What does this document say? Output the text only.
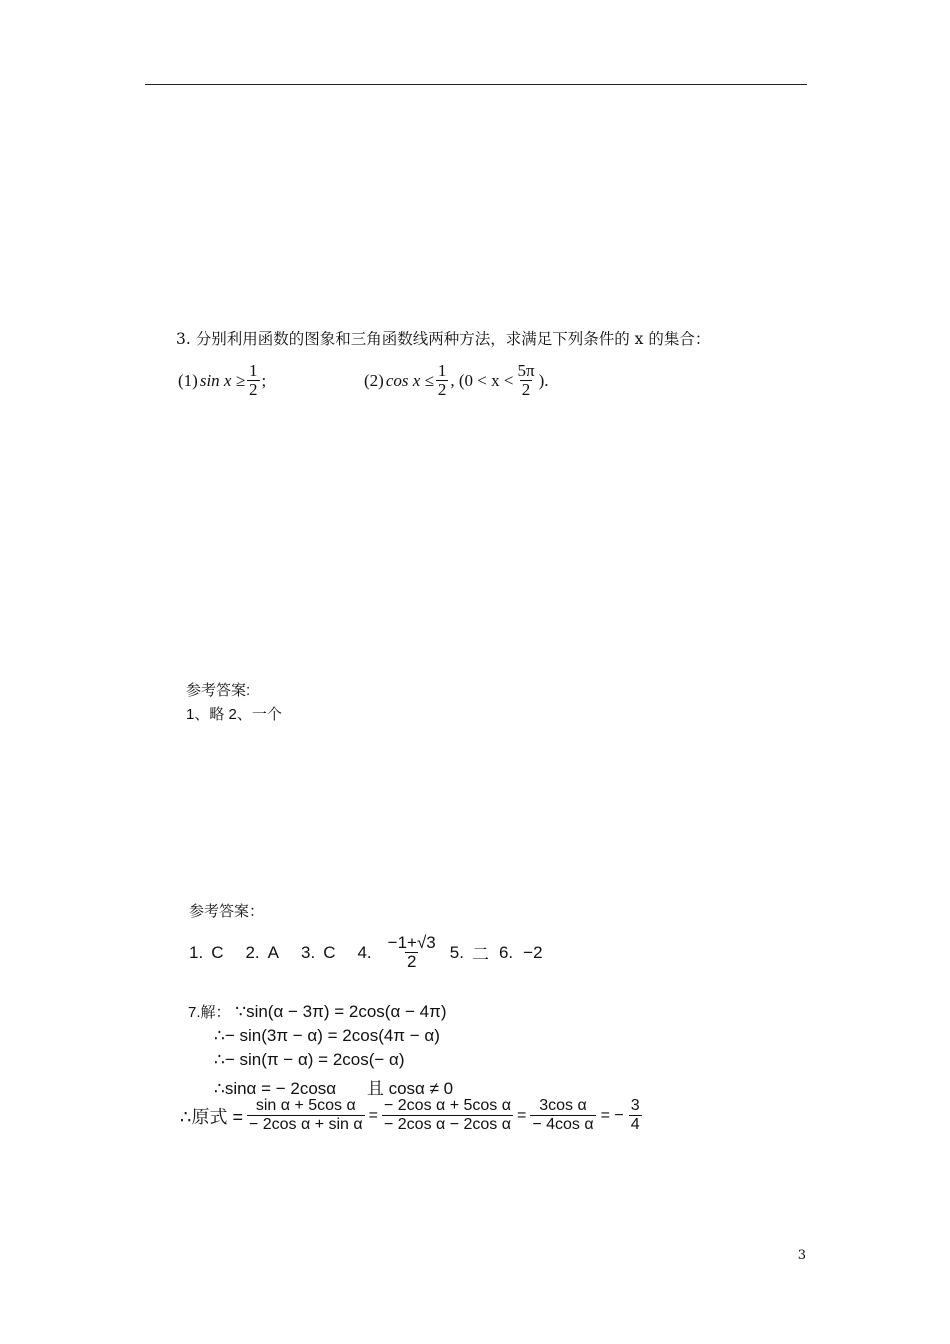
3. 分别利用函数的图象和三角函数线两种方法，求满足下列条件的 x 的集合：
(1) $\sin x \ge \frac{1}{2}$ ;	(2) $\cos x \le \frac{1}{2}$ , ($0 < x < \frac{5\pi}{2}$ ).
参考答案:
1、略 2、一个
参考答案：
1. C 2. A 3. C 4. $\frac{-1+√3}{2} 5$. 二 6. −2
7.解： ∵sin(α − 3π) = 2cos(α − 4π)
∴− sin(3π − α) = 2cos(4π − α)
∴− sin(π − α) = 2cos(− α)
∴sinα = − 2cosα 且 cosα ≠ 0
∴原式 = $\frac{\text{sin α + 5cos α}}{\text{− 2cos α + sin α}} = \frac{\text{− 2cos α + 5cos α}}{\text{− 2cos α − 2cos α}} = \frac{\text{3cos α}}{\text{− 4cos α}}$ = − $\frac{3}{4}$
3
